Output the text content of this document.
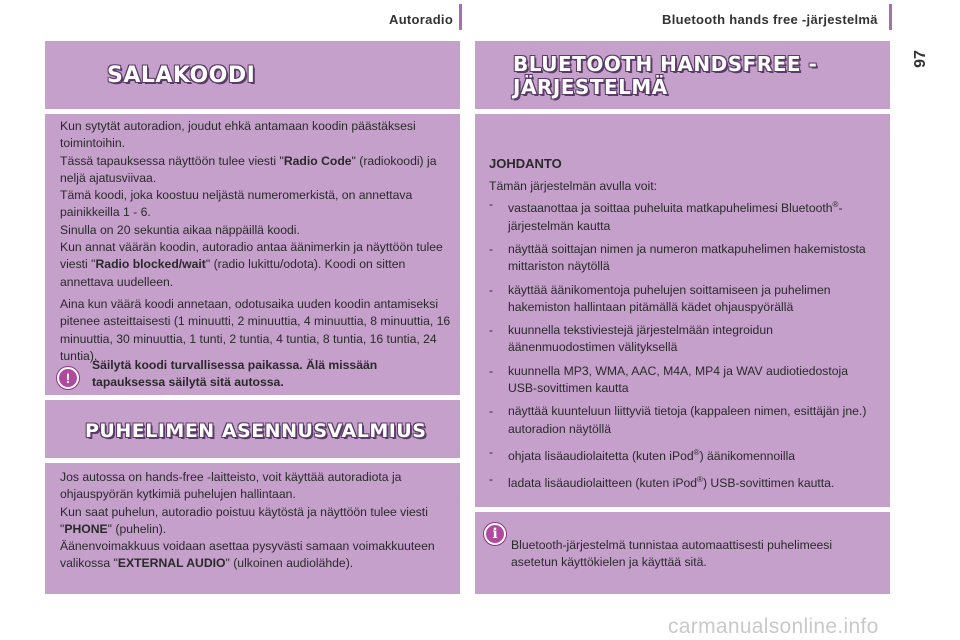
Autoradio	Bluetooth hands free -järjestelmä
97
SALAKOODI

Kun sytytät autoradion, joudut ehkä antamaan koodin päästäksesi toimintoihin.

Tässä tapauksessa näyttöön tulee viesti "Radio Code" (radiokoodi) ja neljä ajatusviivaa.

Tämä koodi, joka koostuu neljästä numeromerkistä, on annettava painikkeilla 1 - 6.

Sinulla on 20 sekuntia aikaa näppäillä koodi.

Kun annat väärän koodin, autoradio antaa äänimerkin ja näyttöön tulee viesti "Radio blocked/wait" (radio lukittu/odota). Koodi on sitten annettava uudelleen.

Aina kun väärä koodi annetaan, odotusaika uuden koodin antamiseksi pitenee asteittaisesti (1 minuutti, 2 minuuttia, 4 minuuttia, 8 minuuttia, 16 minuuttia, 30 minuuttia, 1 tunti, 2 tuntia, 4 tuntia, 8 tuntia, 16 tuntia, 24 tuntia).

!
Säilytä koodi turvallisessa paikassa. Älä missään tapauksessa säilytä sitä autossa.
PUHELIMEN ASENNUSVALMIUS

Jos autossa on hands-free -laitteisto, voit käyttää autoradiota ja ohjauspyörän kytkimiä puhelujen hallintaan.

Kun saat puhelun, autoradio poistuu käytöstä ja näyttöön tulee viesti "PHONE" (puhelin).

Äänenvoimakkuus voidaan asettaa pysyvästi samaan voimakkuuteen valikossa "EXTERNAL AUDIO" (ulkoinen audiolähde).

BLUETOOTH HANDSFREE -
JÄRJESTELMÄ
JOHDANTO
Tämän järjestelmän avulla voit:
- vastaanottaa ja soittaa puheluita matkapuhelimesi Bluetooth®-järjestelmän kautta
- näyttää soittajan nimen ja numeron matkapuhelimen hakemistosta mittariston näytöllä
- käyttää äänikomentoja puhelujen soittamiseen ja puhelimen hakemiston hallintaan pitämällä kädet ohjauspyörällä
- kuunnella tekstiviestejä järjestelmään integroidun äänenmuodostimen välityksellä
- kuunnella MP3, WMA, AAC, M4A, MP4 ja WAV audiotiedostoja USB-sovittimen kautta
- näyttää kuunteluun liittyviä tietoja (kappaleen nimen, esittäjän jne.) autoradion näytöllä
- ohjata lisäaudiolaitetta (kuten iPod®) äänikomennoilla
- ladata lisäaudiolaitteen (kuten iPod®) USB-sovittimen kautta.
i
Bluetooth-järjestelmä tunnistaa automaattisesti puhelimeesi asetetun käyttökielen ja käyttää sitä.
carmanualsonline.info
